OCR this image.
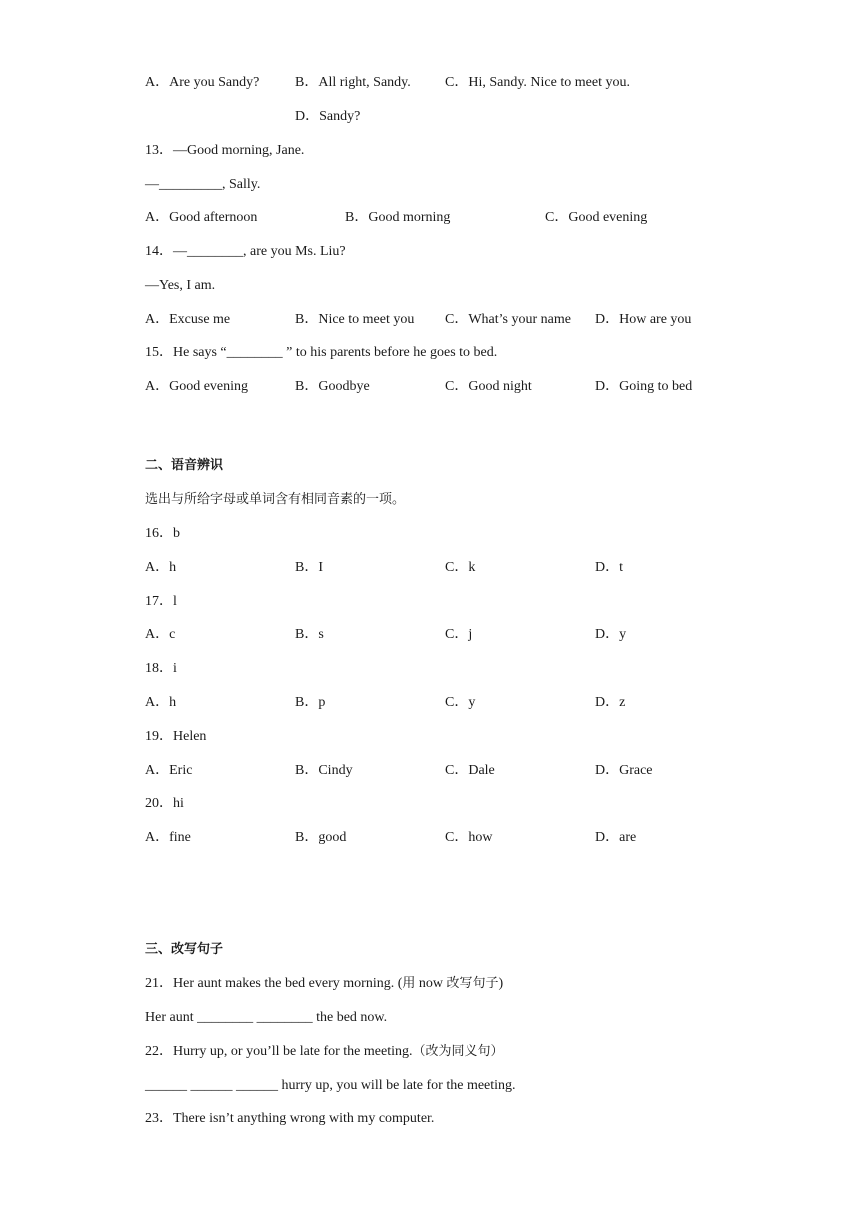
A．Are you Sandy?	B．All right, Sandy. C．Hi, Sandy. Nice to meet you.
D．Sandy?
13．—Good morning, Jane.
—_________, Sally.
A．Good afternoon	B．Good morning	C．Good evening
14．—________, are you Ms. Liu?
—Yes, I am.
A．Excuse me	B．Nice to meet you C．What’s your name D．How are you
15．He says “________ ” to his parents before he goes to bed.
A．Good evening	B．Goodbye	C．Good night	D．Going to bed
二、语音辨识
选出与所给字母或单词含有相同音素的一项。
16．b
A．h	B．I	C．k	D．t
17．l
A．c	B．s	C．j	D．y
18．i
A．h	B．p	C．y	D．z
19．Helen
A．Eric	B．Cindy	C．Dale	D．Grace
20．hi
A．fine	B．good	C．how	D．are
三、改写句子
21．Her aunt makes the bed every morning. (用 now 改写句子)
Her aunt ________ ________ the bed now.
22．Hurry up, or you’ll be late for the meeting.（改为同义句）
______ ______ ______ hurry up, you will be late for the meeting.
23．There isn’t anything wrong with my computer.
